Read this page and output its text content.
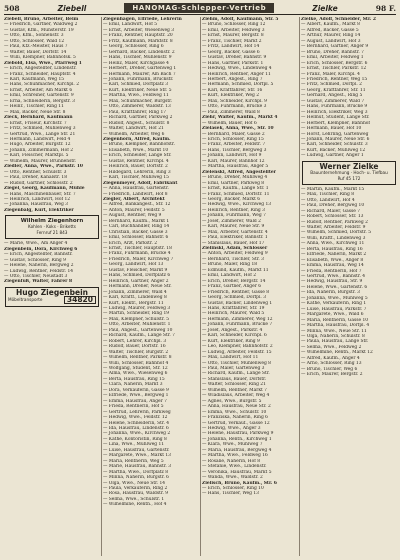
508	Ziebell	HANOMAG-Schlepper-Vertrieb	Zielke	98 F.
Ziebell, Bruno, Arbeiter, Beim
— Friedrich, Gärtner, Waldweg 2
— Gustav, Kfm., Münsterstr. 19
— Otto, Kfm., Sonnenstr. 3
— Otto, Schlosser, Wald 12
— Paul, Kfz.-Meister, Haus 7
— Walter, Bauer, Dorfstr. 14
— Willi, Klempner, Bahnhofsk. 5
Ziebold, Elsa, Wwe., Pfarrweg 1
— Erich, Angestellter, Lindenstr.
— Franz, Schneider, Hauptstr. 4
— Karl, Kaufmann, Weg 15
— Hans, Schuhmacher, Kirchpl. 2
— Ernst, Arbeiter, Am Markt 6
— Emil, Schreiner, Gartenstr. 9
— Erna, Schneiderin, Bergstr. 3
— Heinr., Tischler, Ring 11
— Max, Bäcker, Neue Str. 8
Zieck, Bernhard, Kaufmann
— Ernst, Friseur, Kirchstr. 7
— Fritz, Schmied, Mühlenweg 3
— Gertrud, Wwe., Lange Str. 21
— Hermann, Landwirt, Feld 4
— Hugo, Arbeiter, Burgstr. 12
— Johann, Zimmermann, Hof 2
— Karl, Fleischer, Marktpl. 5
— Wilhelm, Maurer, Brunnenstr.
Ziedler, Anna, Wwe., Parkstr. 10
— Otto, Rentner, Schulstr. 3
— Paul, Dreher, Kanalstr. 18
— Rudolf, Gärtner, Schlosstr. 2
Ziegel, Georg, Kaufmann, Mühle
— Hans, Maschinenbauer, Str. 7
— Heinrich, Landwirt, Hof 12
— Johanna, Hausfrau, Weg 3
Ziegenbalg, Kurt, Elektriker
Wilhelm Ziegenhorn
Kohlen · Koks · Briketts
Fernruf 21 843
— Marie, Wwe., Am Anger 4
Ziegenbein, Dora, Kirchweg 6
— Erich, Angestellter, Bahnstr.
— Gustav, Schlosser, Ring 9
— Helene, Näherin, Bergweg 2
— Ludwig, Rentner, Feldstr. 14
— Otto, Tischler, Neustadt 3
Ziegenfuß, Walter, Fahrer 8
Hugo Ziegenbein
Möbeltransporte	34820
Ziegenhagen, Elfriede, Lehrerin
— Emil, Landwirt, Hof 5
— Ernst, Arbeiter, Wiesenweg 3
— Franz, Rentner, Hauptstr. 20
— Fritz, Kaufmann, Marktstr. 8
— Georg, Schlosser, Ring 6
— Gerhard, Bäcker, Lindenstr. 2
— Hans, Tischler, Mühlenstr. 9
— Heinz, Maler, Kirchgasse 4
— Herbert, Dreher, Gartenweg 1
— Hermann, Maurer, Am Bach 7
— Johann, Fuhrmann, Brückstr.
— Karl, Schmied, Dorfplatz 3
— Kurt, Elektriker, Neue Str. 5
— Martha, Wwe., Feldweg 11
— Max, Schuhmacher, Burgstr.
— Otto, Zimmerer, Waldstr. 13
— Paul, Kraftfahrer, Ring 17
— Richard, Gärtner, Parkweg 2
— Rudolf, Angest., Schulstr. 8
— Walter, Landwirt, Hof 21
— Wilhelm, Arbeiter, Weg 6
Ziegenhorn, Alfred, Kaufm.
— Bruno, Klempner, Bahnhofstr.
— Elisabeth, Wwe., Markt 10
— Erich, Schneider, Lange Str.
— Gustav, Rentner, Kirchpl. 4
— Heinrich, Bauer, Dorfstr. 2
— Hildegard, Lehrerin, Ring 3
— Karl, Tischler, Mühlweg 15
Ziegenmeyer, Adolf, Fabrikant
— Anna, Hausfrau, Gartenstr.
— Friedrich, Landwirt, Hof 8
Ziegler, Albert, Architekt
— Alfred, Bankangest., Str. 12
— Anton, Maurer, Feldstr. 5
— August, Rentner, Weg 9
— Bernhard, Kaufm., Markt 1
— Carl, Buchhändler, Ring 14
— Christian, Bäcker, Gasse 3
— Emil, Schlosser, Bahnstr. 6
— Erich, Arzt, Parkstr. 2
— Ernst, Tischler, Hauptstr. 18
— Franz, Fuhrmann, Brücke 4
— Friedrich, Maler, Kirchweg 7
— Georg, Landwirt, Hof 13
— Gustav, Fleischer, Markt 9
— Hans, Schmied, Dorfplatz 6
— Heinrich, Gärtner, Anger 2
— Hermann, Dreher, Neue Str.
— Johann, Zimmerer, Wald 4
— Karl, Kraftf., Lindenweg 8
— Kurt, Elektr., Bergstr. 11
— Ludwig, Maurer, Feldweg 3
— Martin, Schneider, Ring 19
— Max, Klempner, Schulstr. 5
— Otto, Arbeiter, Mühlenstr. 1
— Paul, Angest., Gartenweg 10
— Richard, Kaufm., Lange Str. 7
— Robert, Lehrer, Kirchpl. 3
— Rudolf, Bauer, Dorfstr. 16
— Walter, Tischler, Burgstr. 2
— Wilhelm, Rentner, Parkstr. 8
— Willi, Schlosser, Bahnhof 4
— Wolfgang, Student, Str. 12
— Alma, Wwe., Wiesenweg 6
— Berta, Hausfrau, Ring 15
— Clara, Näherin, Markt 3
— Dora, Verkäuferin, Gasse 9
— Elfriede, Wwe., Bergweg 1
— Emma, Hausfrau, Anger 7
— Frieda, Rentnerin, Hof 5
— Gertrud, Lehrerin, Parkweg
— Hedwig, Wwe., Feldstr. 12
— Helene, Schneiderin, Str. 4
— Ida, Hausfrau, Lindenstr. 6
— Johanna, Wwe., Kirchweg 2
— Käthe, Kontoristin, Ring 8
— Lina, Wwe., Mühlweg 11
— Luise, Hausfrau, Gartenstr.
— Margarete, Wwe., Markt 13
— Maria, Rentnerin, Weg 5
— Marie, Hausfrau, Bahnstr. 3
— Martha, Wwe., Dorfplatz 8
— Minna, Näherin, Burgstr. 6
— Olga, Wwe., Neue Str. 14
— Paula, Verkäuferin, Ring 2
— Rosa, Hausfrau, Waldstr. 9
— Selma, Wwe., Schulstr. 1
— Wilhelmine, Rentn., Hof 4
Ziehm, Adolf, Kaufmann, Str. 5
— Bruno, Schlosser, Ring 12
— Emil, Arbeiter, Feldweg 3
— Ernst, Maurer, Bergstr. 8
— Franz, Tischler, Markt 2
— Fritz, Landwirt, Hof 14
— Georg, Bäcker, Gasse 6
— Gustav, Dreher, Bahnstr. 9
— Hans, Gärtner, Parkstr. 1
— Hedwig, Wwe., Lindenweg 4
— Heinrich, Rentner, Anger 11
— Herbert, Angest., Ring 7
— Hermann, Schmied, Dorfpl. 5
— Karl, Kraftfahrer, Str. 16
— Kurt, Elektriker, Weg 2
— Max, Schneider, Kirchpl. 9
— Otto, Fuhrmann, Brücke 3
— Paul, Zimmerer, Wald 8
Ziehr, Walter, Kaufm., Markt 4
— Wilhelm, Bauer, Hof 6
Zielasek, Anna, Wwe., Str. 10
— Bernhard, Maler, Gasse 2
— Erich, Schlosser, Ring 15
— Franz, Arbeiter, Feldstr. 7
— Hans, Tischler, Bergweg 3
— Johann, Landwirt, Hof 9
— Karl, Maurer, Bahnhof 12
— Martha, Hausfrau, Anger 5
Zielenski, Alfred, Angestellter
— Bruno, Dreher, Mühlweg 4
— Emil, Gärtner, Parkweg 8
— Ernst, Kaufm., Lange Str. 1
— Franz, Schmied, Dorfstr. 11
— Georg, Bäcker, Markt 6
— Hedwig, Wwe., Kirchweg 13
— Heinrich, Rentner, Ring 3
— Johann, Fuhrmann, Weg 7
— Josef, Zimmerer, Wald 2
— Karl, Maurer, Neue Str. 9
— Max, Arbeiter, Gartenstr. 4
— Paul, Elektriker, Bahnstr. 1
— Stanislaus, Bauer, Hof 17
Zielinski, Adam, Schlosser
— Anton, Arbeiter, Feldweg 9
— Bernhard, Tischler, Str. 3
— Bruno, Maler, Ring 18
— Edmund, Kaufm., Markt 11
— Emil, Landwirt, Hof 2
— Erich, Dreher, Bergstr. 14
— Franz, Gärtner, Anger 6
— Friedrich, Rentner, Gasse 8
— Georg, Schmied, Dorfpl. 3
— Gustav, Bäcker, Lindenweg 1
— Hans, Kraftfahrer, Str. 19
— Heinrich, Maurer, Wald 5
— Hermann, Zimmerer, Weg 12
— Johann, Fuhrmann, Brücke 7
— Josef, Angest., Parkstr. 4
— Karl, Schneider, Kirchpl. 6
— Kurt, Elektriker, Ring 9
— Leo, Klempner, Bahnhofstr. 2
— Ludwig, Arbeiter, Feldstr. 15
— Max, Landwirt, Hof 11
— Otto, Tischler, Mühlenweg 8
— Paul, Maler, Gartenweg 3
— Richard, Kaufm., Lange Str.
— Stanislaus, Bauer, Dorfstr.
— Walter, Schlosser, Ring 21
— Wilhelm, Rentner, Markt 7
— Wladislaus, Arbeiter, Weg 4
— Agnes, Wwe., Burgstr. 5
— Anna, Hausfrau, Neue Str. 2
— Emma, Wwe., Schulstr. 10
— Franziska, Näherin, Ring 6
— Gertrud, Verkäuf., Gasse 12
— Hedwig, Wwe., Anger 3
— Helene, Hausfrau, Parkweg 9
— Johanna, Rentn., Kirchweg 1
— Klara, Wwe., Mühlweg 7
— Maria, Hausfrau, Bergweg 4
— Martha, Wwe., Feldweg 16
— Rosalie, Näherin, Hof 8
— Stefanie, Wwe., Lindenstr.
— Veronika, Hausfrau, Markt 5
— Wanda, Wwe., Waldstr. 2
Zielisch, Bruno, Kaufm., Str. 6
— Erich, Schlosser, Ring 10
— Hans, Tischler, Weg 13
Zielke, Adolf, Schneider, Str. 2
— Albert, Kaufm., Markt 8
— Alfred, Bäcker, Gasse 5
— Arthur, Maurer, Ring 14
— August, Landwirt, Hof 3
— Bernhard, Gärtner, Anger 9
— Bruno, Dreher, Bahnstr. 7
— Emil, Arbeiter, Feldweg 1
— Erich, Schlosser, Bergstr. 6
— Ernst, Tischler, Parkstr. 12
— Franz, Maler, Kirchpl. 4
— Friedrich, Rentner, Weg 15
— Fritz, Schmied, Dorfpl. 2
— Georg, Kraftfahrer, Str. 11
— Gerhard, Angest., Ring 5
— Gustav, Zimmerer, Wald 7
— Hans, Fuhrmann, Brücke 9
— Heinrich, Elektriker, Weg 3
— Helmut, Student, Lange Str.
— Herbert, Klempner, Bahnhof
— Hermann, Bauer, Hof 10
— Horst, Lehrling, Gartenweg
— Johann, Maurer, Neue Str. 6
— Karl, Schneider, Schulstr. 3
— Kurt, Bäcker, Mühlweg 12
— Ludwig, Gärtner, Anger 1
Werner Zielke
Bauunternehmung · Hoch- u. Tiefbau
Ruf 45 172
— Martin, Kaufm., Markt 15
— Max, Tischler, Ring 8
— Otto, Landwirt, Hof 4
— Paul, Dreher, Bergweg 10
— Richard, Maler, Gasse 7
— Robert, Schlosser, Str. 13
— Rudolf, Rentner, Parkweg 2
— Walter, Arbeiter, Feldstr. 9
— Wilhelm, Schmied, Dorfstr. 5
— Willi, Kraftf., Lindenweg 3
— Anna, Wwe., Kirchweg 11
— Berta, Hausfrau, Ring 16
— Elfriede, Näherin, Markt 2
— Elisabeth, Wwe., Anger 8
— Emma, Hausfrau, Weg 14
— Frieda, Rentnerin, Hof 7
— Gertrud, Wwe., Bahnstr. 4
— Hedwig, Hausfrau, Str. 9
— Helene, Wwe., Gartenstr. 6
— Ida, Näherin, Burgstr. 3
— Johanna, Wwe., Mühlweg 5
— Käthe, Verkäuferin, Ring 1
— Luise, Hausfrau, Parkstr. 7
— Margarete, Wwe., Wald 6
— Maria, Rentnerin, Gasse 10
— Martha, Hausfrau, Dorfpl. 4
— Minna, Wwe., Neue Str. 11
— Olga, Näherin, Schulstr. 8
— Paula, Hausfrau, Lange Str.
— Selma, Wwe., Feldweg 2
— Wilhelmine, Rentn., Markt 12
— Alfred, Kaufm., Anger 4
— Arno, Schlosser, Ring 13
— Bruno, Tischler, Weg 6
— Erich, Maurer, Bergstr. 2
